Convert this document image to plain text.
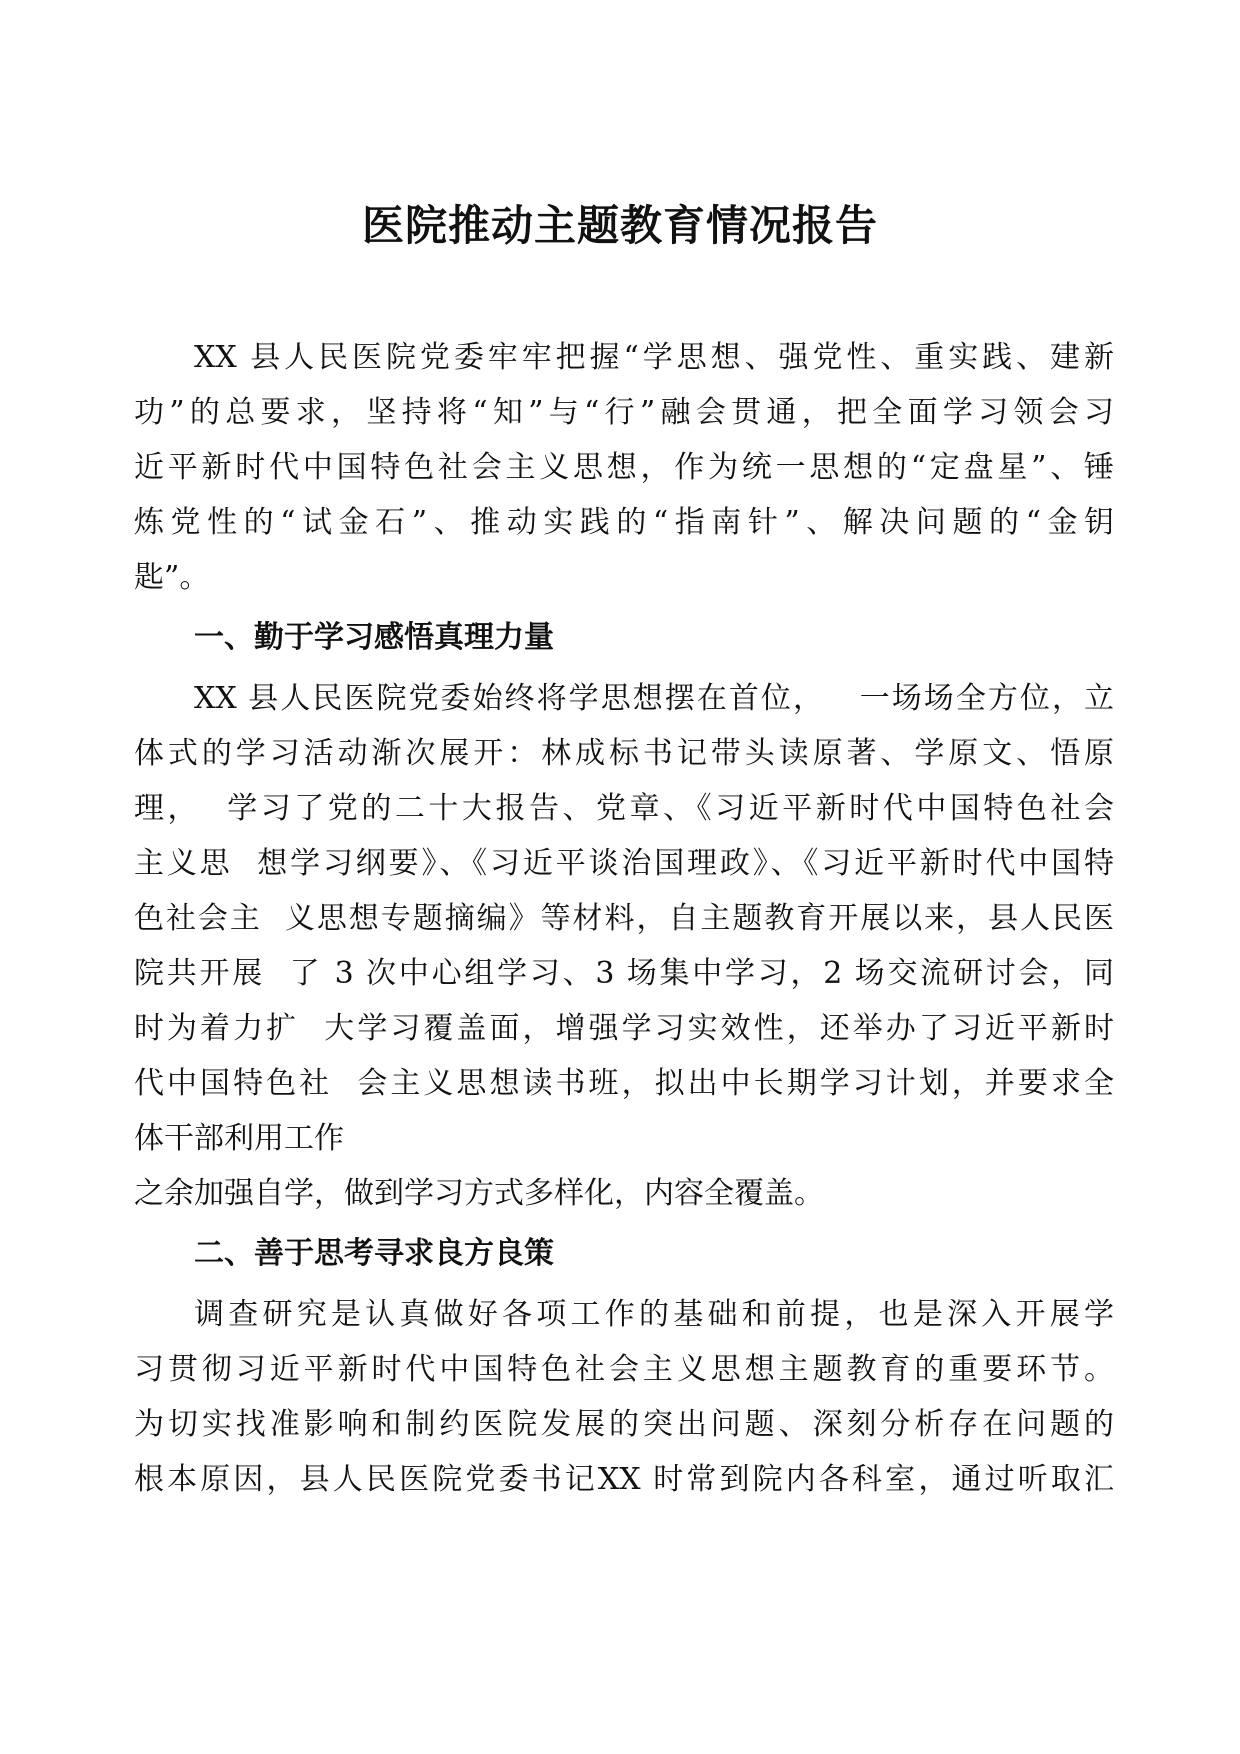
医院推动主题教育情况报告
XX 县人民医院党委牢牢把握“学思想、强党性、重实践、建新
功”的总要求，坚持将“知”与“行”融会贯通，把全面学习领会习
近平新时代中国特色社会主义思想，作为统一思想的“定盘星”、锤
炼党性的“试金石”、推动实践的“指南针”、解决问题的“金钥
匙”。
一、勤于学习感悟真理力量
XX 县人民医院党委始终将学思想摆在首位，   一场场全方位，立
体式的学习活动渐次展开：林成标书记带头读原著、学原文、悟原
理，  学习了党的二十大报告、党章、《习近平新时代中国特色社会
主义思  想学习纲要》、《习近平谈治国理政》、《习近平新时代中国特
色社会主  义思想专题摘编》等材料，自主题教育开展以来，县人民医
院共开展  了 3 次中心组学习、3 场集中学习，2 场交流研讨会，同
时为着力扩  大学习覆盖面，增强学习实效性，还举办了习近平新时
代中国特色社  会主义思想读书班，拟出中长期学习计划，并要求全
体干部利用工作
之余加强自学，做到学习方式多样化，内容全覆盖。
二、善于思考寻求良方良策
调查研究是认真做好各项工作的基础和前提，也是深入开展学
习贯彻习近平新时代中国特色社会主义思想主题教育的重要环节。
为切实找准影响和制约医院发展的突出问题、深刻分析存在问题的
根本原因，县人民医院党委书记XX 时常到院内各科室，通过听取汇
